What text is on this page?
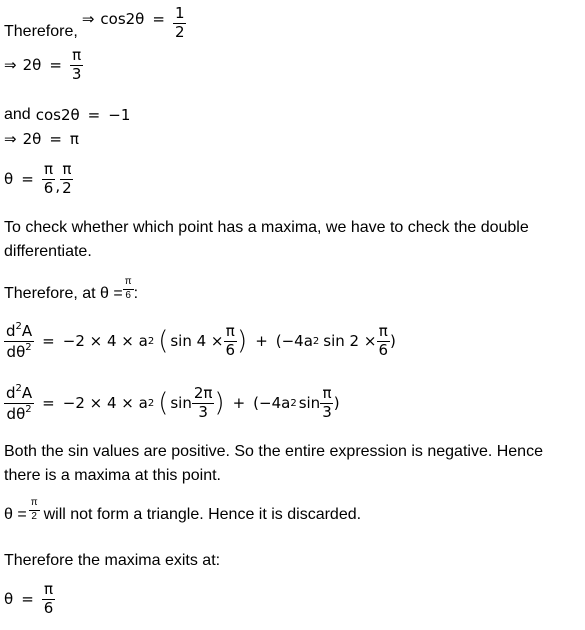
Therefore,
⇒ $\cos 2\theta = \frac{1}{2}$
⇒ $2\theta = \frac{\pi}{3}$
and cos2θ = −1
⇒ 2θ = π
$\theta = \frac{\pi}{6}$ , $\frac{\pi}{2}$
To check whether which point has a maxima, we have to check the double
differentiate.
Therefore, at $\theta = \frac{\pi}{6}$ :
$\frac{d^2A}{d\theta^2} = -2 \times 4 \times a$ 2 ( $\sin 4 \times \frac{\pi}{6}$ ) + (−4a 2 $\sin 2 \times \frac{\pi}{6}$ )
$\frac{d^2A}{d\theta^2} = -2 \times 4 \times a$ 2 ( $\sin \frac{2\pi}{3}$ ) + (−4a 2 $\sin \frac{\pi}{3}$ )
Both the sin values are positive. So the entire expression is negative. Hence
there is a maxima at this point.
$\theta = \frac{\pi}{2}$ will not form a triangle. Hence it is discarded.
Therefore the maxima exits at:
$\theta = \frac{\pi}{6}$
